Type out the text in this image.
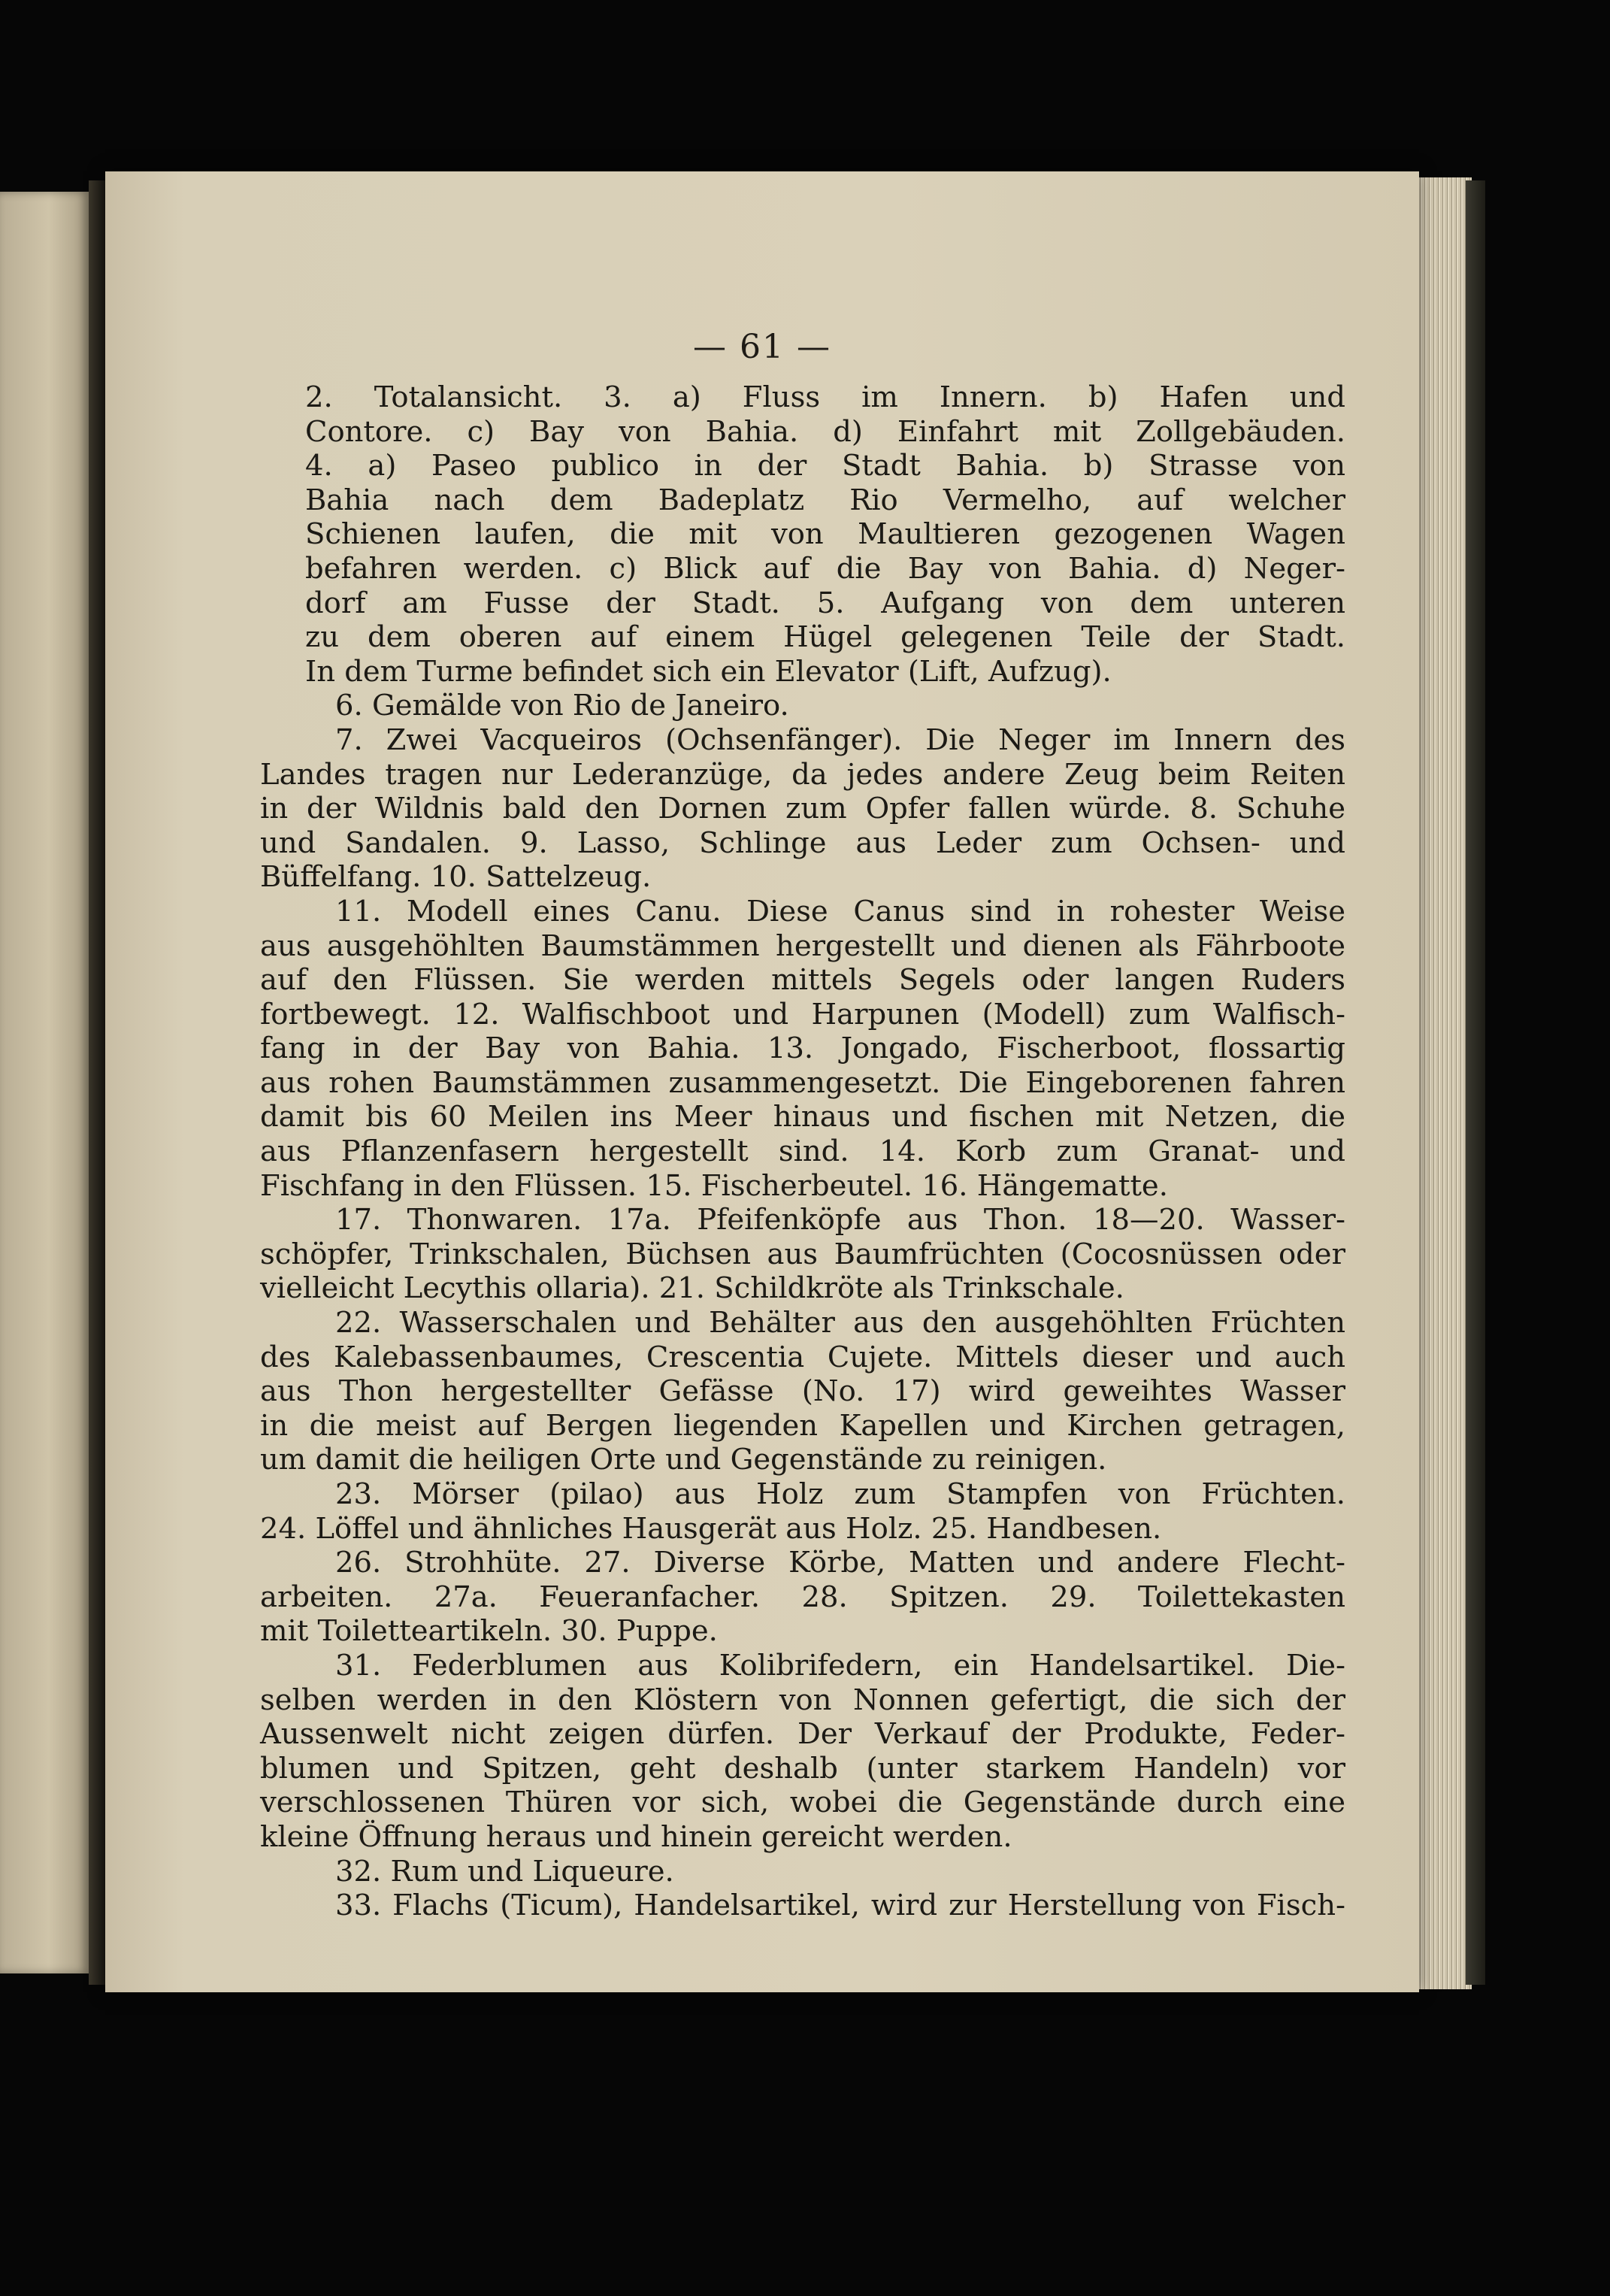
— 61 —
2. Totalansicht. 3. a) Fluss im Innern. b) Hafen und
Contore. c) Bay von Bahia. d) Einfahrt mit Zollgebäuden.
4. a) Paseo publico in der Stadt Bahia. b) Strasse von
Bahia nach dem Badeplatz Rio Vermelho, auf welcher
Schienen laufen, die mit von Maultieren gezogenen Wagen
befahren werden. c) Blick auf die Bay von Bahia. d) Neger-
dorf am Fusse der Stadt. 5. Aufgang von dem unteren
zu dem oberen auf einem Hügel gelegenen Teile der Stadt.
In dem Turme befindet sich ein Elevator (Lift, Aufzug).
6. Gemälde von Rio de Janeiro.
7. Zwei Vacqueiros (Ochsenfänger). Die Neger im Innern des
Landes tragen nur Lederanzüge, da jedes andere Zeug beim Reiten
in der Wildnis bald den Dornen zum Opfer fallen würde. 8. Schuhe
und Sandalen. 9. Lasso, Schlinge aus Leder zum Ochsen- und
Büffelfang. 10. Sattelzeug.
11. Modell eines Canu. Diese Canus sind in rohester Weise
aus ausgehöhlten Baumstämmen hergestellt und dienen als Fährboote
auf den Flüssen. Sie werden mittels Segels oder langen Ruders
fortbewegt. 12. Walfischboot und Harpunen (Modell) zum Walfisch-
fang in der Bay von Bahia. 13. Jongado, Fischerboot, flossartig
aus rohen Baumstämmen zusammengesetzt. Die Eingeborenen fahren
damit bis 60 Meilen ins Meer hinaus und fischen mit Netzen, die
aus Pflanzenfasern hergestellt sind. 14. Korb zum Granat- und
Fischfang in den Flüssen. 15. Fischerbeutel. 16. Hängematte.
17. Thonwaren. 17a. Pfeifenköpfe aus Thon. 18—20. Wasser-
schöpfer, Trinkschalen, Büchsen aus Baumfrüchten (Cocosnüssen oder
vielleicht Lecythis ollaria). 21. Schildkröte als Trinkschale.
22. Wasserschalen und Behälter aus den ausgehöhlten Früchten
des Kalebassenbaumes, Crescentia Cujete. Mittels dieser und auch
aus Thon hergestellter Gefässe (No. 17) wird geweihtes Wasser
in die meist auf Bergen liegenden Kapellen und Kirchen getragen,
um damit die heiligen Orte und Gegenstände zu reinigen.
23. Mörser (pilao) aus Holz zum Stampfen von Früchten.
24. Löffel und ähnliches Hausgerät aus Holz. 25. Handbesen.
26. Strohhüte. 27. Diverse Körbe, Matten und andere Flecht-
arbeiten. 27a. Feueranfacher. 28. Spitzen. 29. Toilettekasten
mit Toiletteartikeln. 30. Puppe.
31. Federblumen aus Kolibrifedern, ein Handelsartikel. Die-
selben werden in den Klöstern von Nonnen gefertigt, die sich der
Aussenwelt nicht zeigen dürfen. Der Verkauf der Produkte, Feder-
blumen und Spitzen, geht deshalb (unter starkem Handeln) vor
verschlossenen Thüren vor sich, wobei die Gegenstände durch eine
kleine Öffnung heraus und hinein gereicht werden.
32. Rum und Liqueure.
33. Flachs (Ticum), Handelsartikel, wird zur Herstellung von Fisch-
